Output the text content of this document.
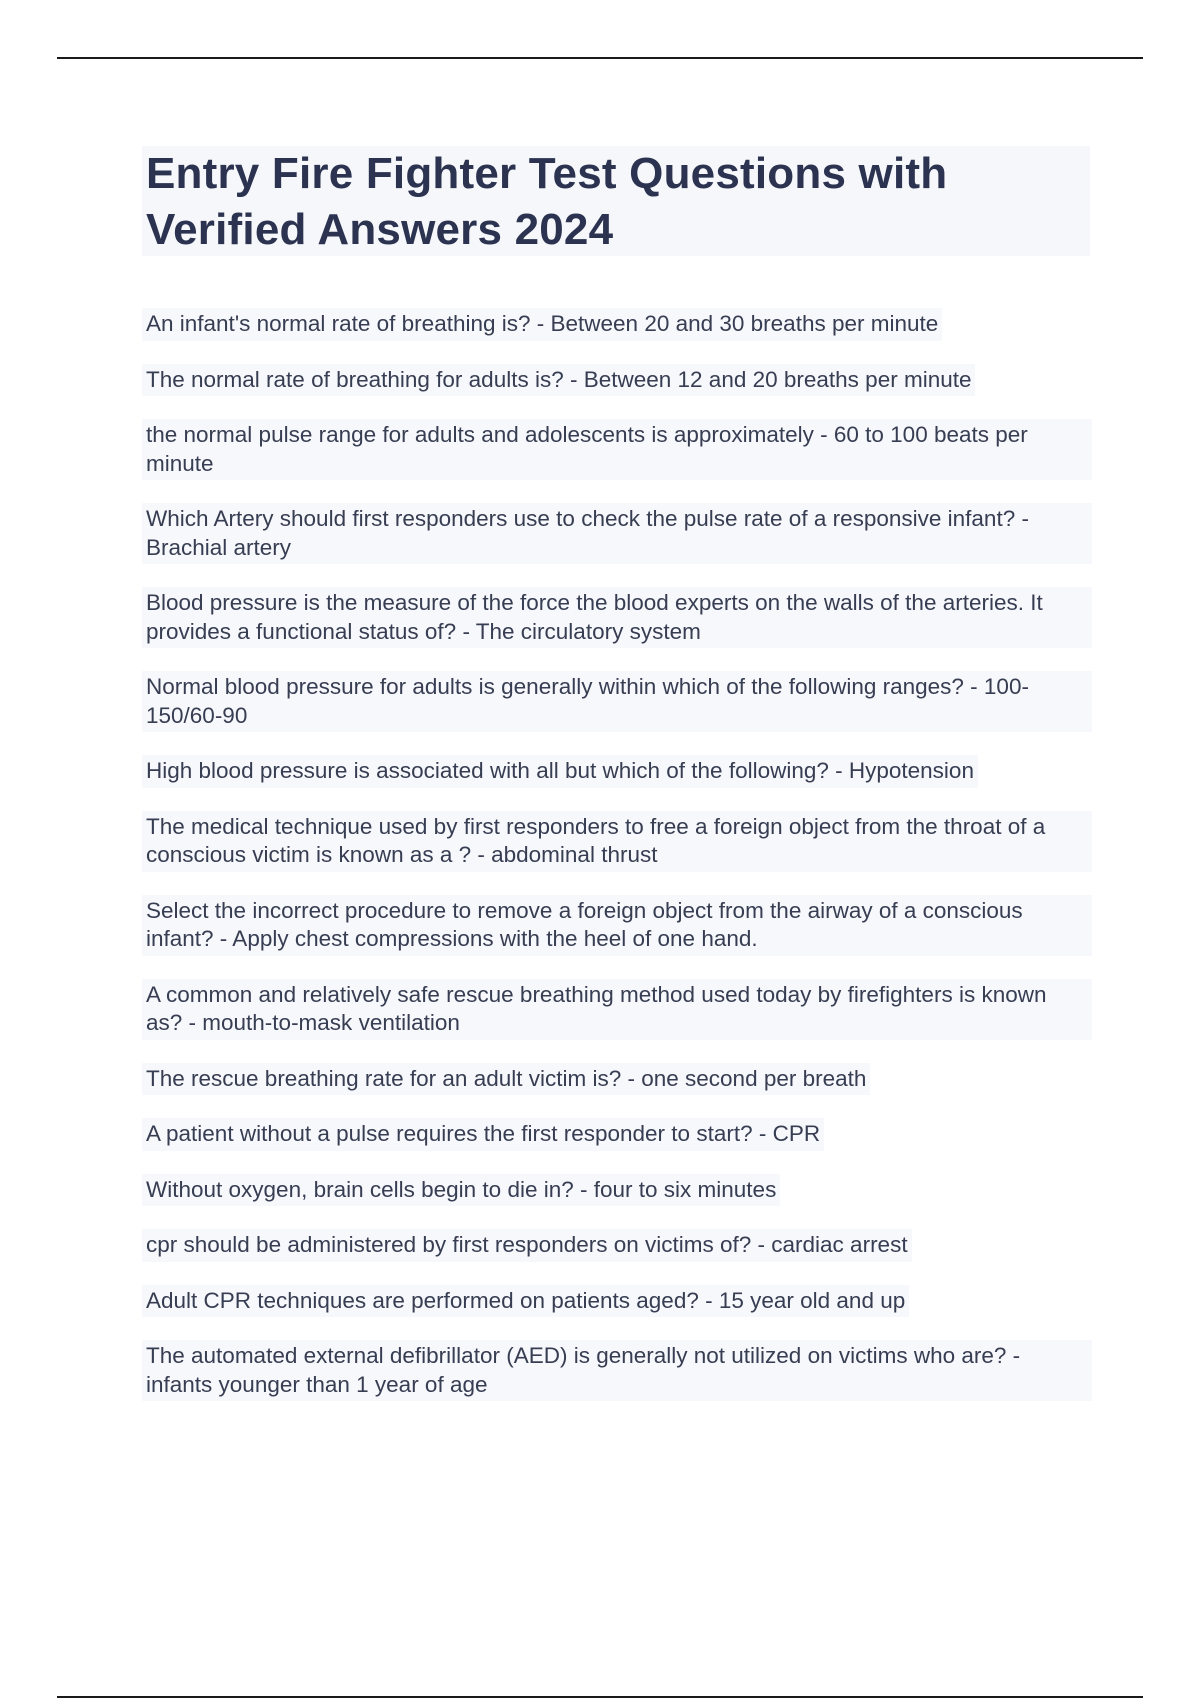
Entry Fire Fighter Test Questions with Verified Answers 2024
An infant's normal rate of breathing is? - Between 20 and 30 breaths per minute
The normal rate of breathing for adults is? - Between 12 and 20 breaths per minute
the normal pulse range for adults and adolescents is approximately - 60 to 100 beats per minute
Which Artery should first responders use to check the pulse rate of a responsive infant? - Brachial artery
Blood pressure is the measure of the force the blood experts on the walls of the arteries. It provides a functional status of? - The circulatory system
Normal blood pressure for adults is generally within which of the following ranges? - 100-150/60-90
High blood pressure is associated with all but which of the following? - Hypotension
The medical technique used by first responders to free a foreign object from the throat of a conscious victim is known as a ? - abdominal thrust
Select the incorrect procedure to remove a foreign object from the airway of a conscious infant? - Apply chest compressions with the heel of one hand.
A common and relatively safe rescue breathing method used today by firefighters is known as? - mouth-to-mask ventilation
The rescue breathing rate for an adult victim is? - one second per breath
A patient without a pulse requires the first responder to start? - CPR
Without oxygen, brain cells begin to die in? - four to six minutes
cpr should be administered by first responders on victims of? - cardiac arrest
Adult CPR techniques are performed on patients aged? - 15 year old and up
The automated external defibrillator (AED) is generally not utilized on victims who are? - infants younger than 1 year of age
